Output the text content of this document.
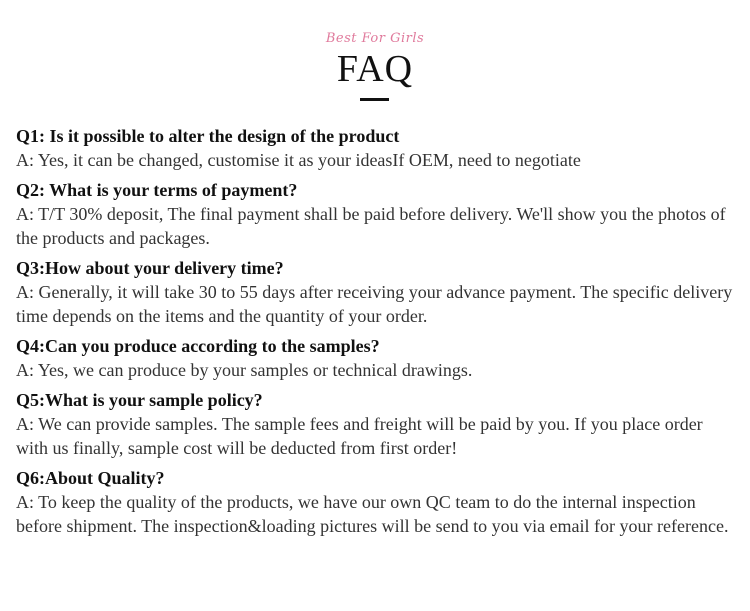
Best For Girls
FAQ
Q1: Is it possible to alter the design of the product
A: Yes, it can be changed, customise it as your ideasIf OEM, need to negotiate
Q2: What is your terms of payment?
A: T/T 30% deposit, The final payment shall be paid before delivery. We'll show you the photos of the products and packages.
Q3:How about your delivery time?
A: Generally, it will take 30 to 55 days after receiving your advance payment. The specific delivery time depends on the items and the quantity of your order.
Q4:Can you produce according to the samples?
A: Yes, we can produce by your samples or technical drawings.
Q5:What is your sample policy?
A: We can provide samples. The sample fees and freight will be paid by you. If you place order with us finally, sample cost will be deducted from first order!
Q6:About Quality?
A: To keep the quality of the products, we have our own QC team to do the internal inspection before shipment. The inspection&loading pictures will be send to you via email for your reference.
